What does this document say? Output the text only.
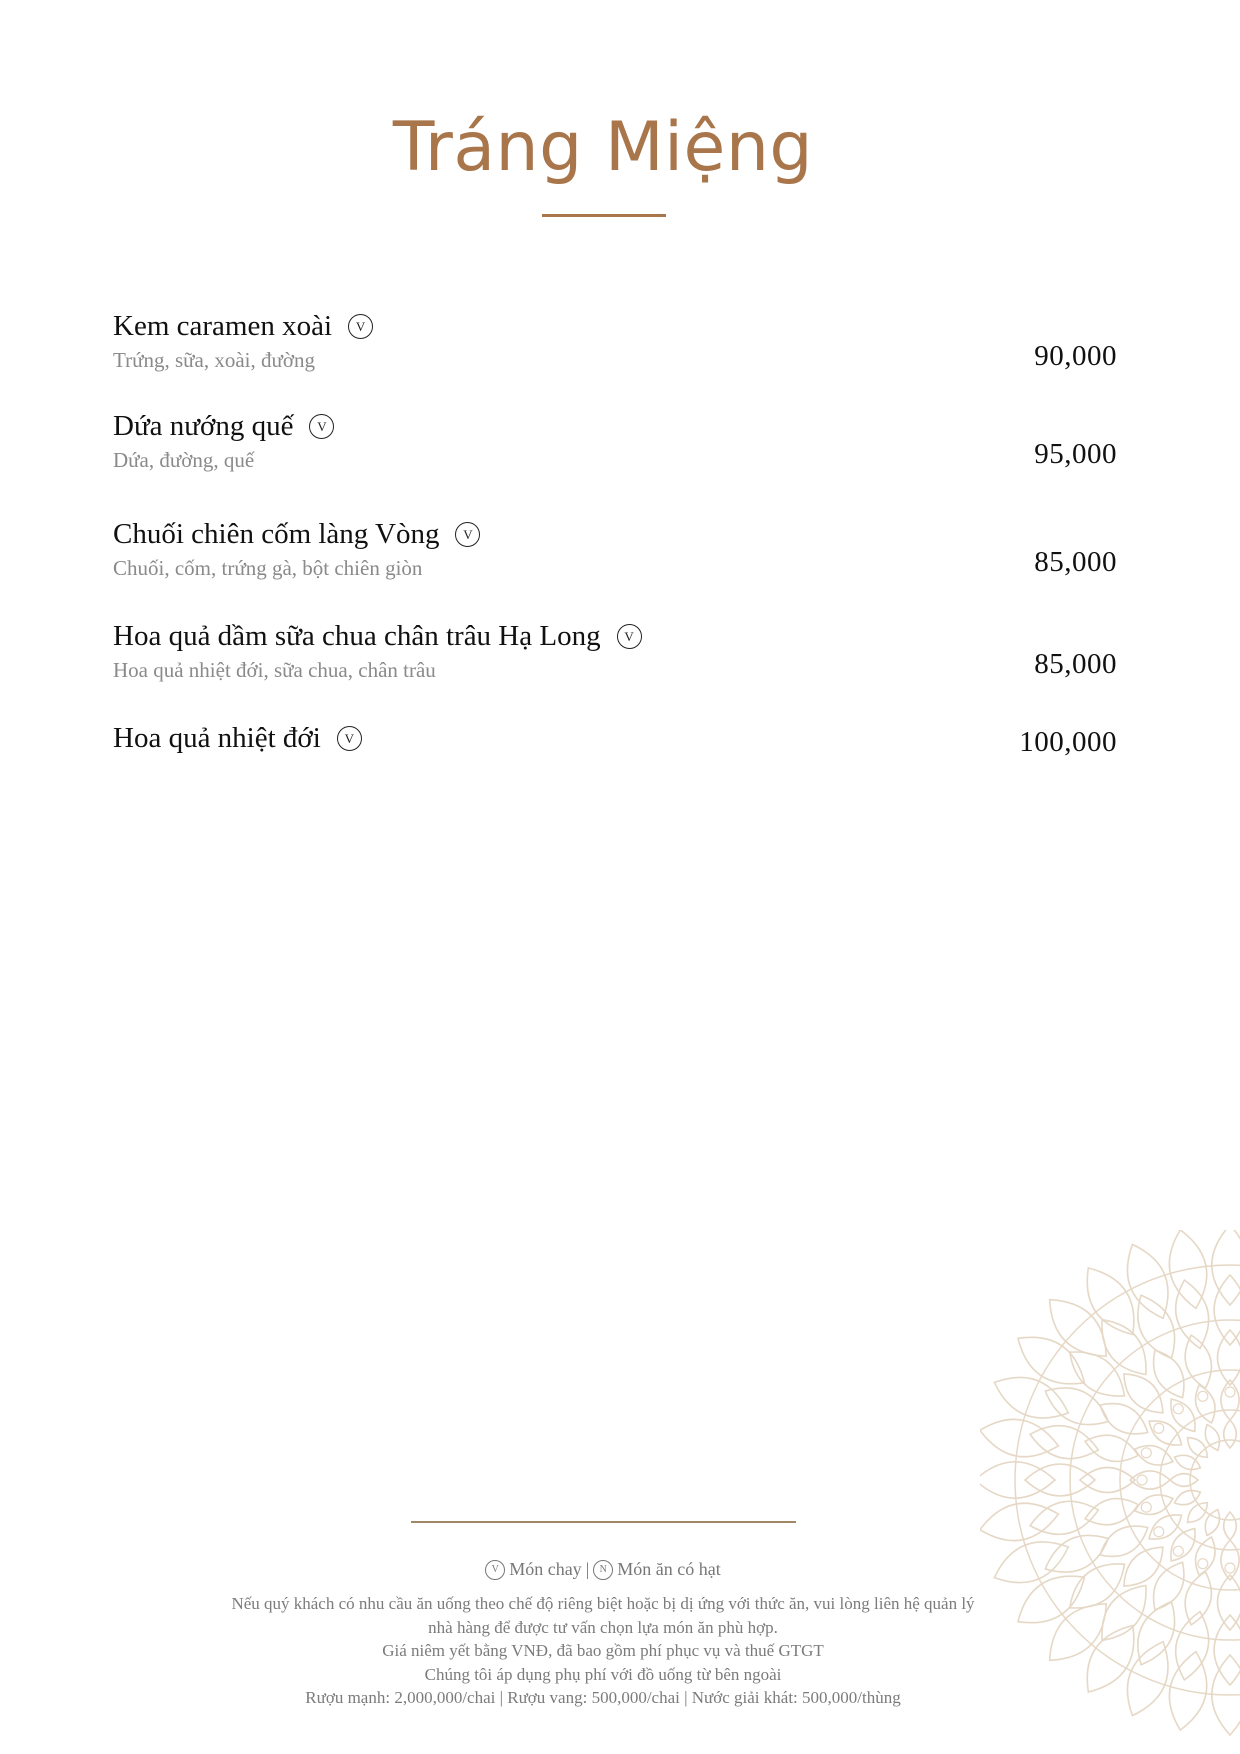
Tráng Miệng
Kem caramen xoài	V
Trứng, sữa, xoài, đường	90,000
Dứa nướng quế	V
Dứa, đường, quế	95,000
Chuối chiên cốm làng Vòng	V
Chuối, cốm, trứng gà, bột chiên giòn	85,000
Hoa quả dầm sữa chua chân trâu Hạ Long	V
Hoa quả nhiệt đới, sữa chua, chân trâu	85,000
Hoa quả nhiệt đới	V	100,000
V Món chay |	N Món ăn có hạt
Nếu quý khách có nhu cầu ăn uống theo chế độ riêng biệt hoặc bị dị ứng với thức ăn, vui lòng liên hệ quản lý
nhà hàng để được tư vấn chọn lựa món ăn phù hợp.
Giá niêm yết bằng VNĐ, đã bao gồm phí phục vụ và thuế GTGT
Chúng tôi áp dụng phụ phí với đồ uống từ bên ngoài
Rượu mạnh: 2,000,000/chai | Rượu vang: 500,000/chai | Nước giải khát: 500,000/thùng
